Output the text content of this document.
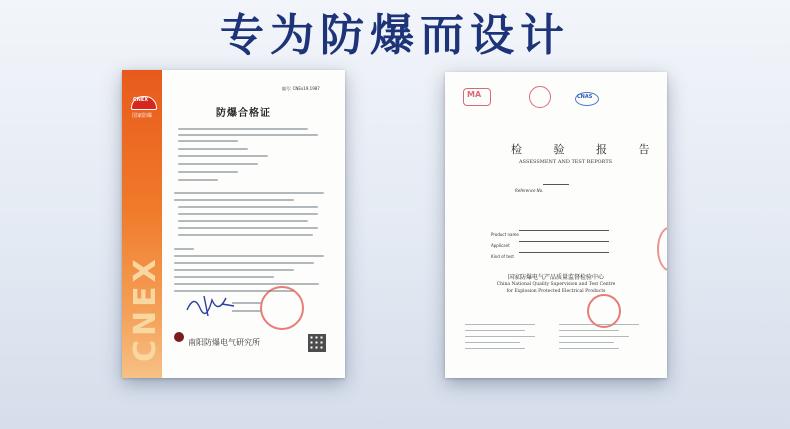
专为防爆而设计
CNEX
CNEX
国家防爆
编号: CNEx19.1987
防爆合格证
南阳防爆电气研究所
MA	CNAS
检 验 报 告
ASSESSMENT AND TEST REPORTS
Reference No.
Product name
Applicant
Kind of test
国家防爆电气产品质量监督检验中心
China National Quality Supervision and Test Centre
for Explosion Protected Electrical Products
